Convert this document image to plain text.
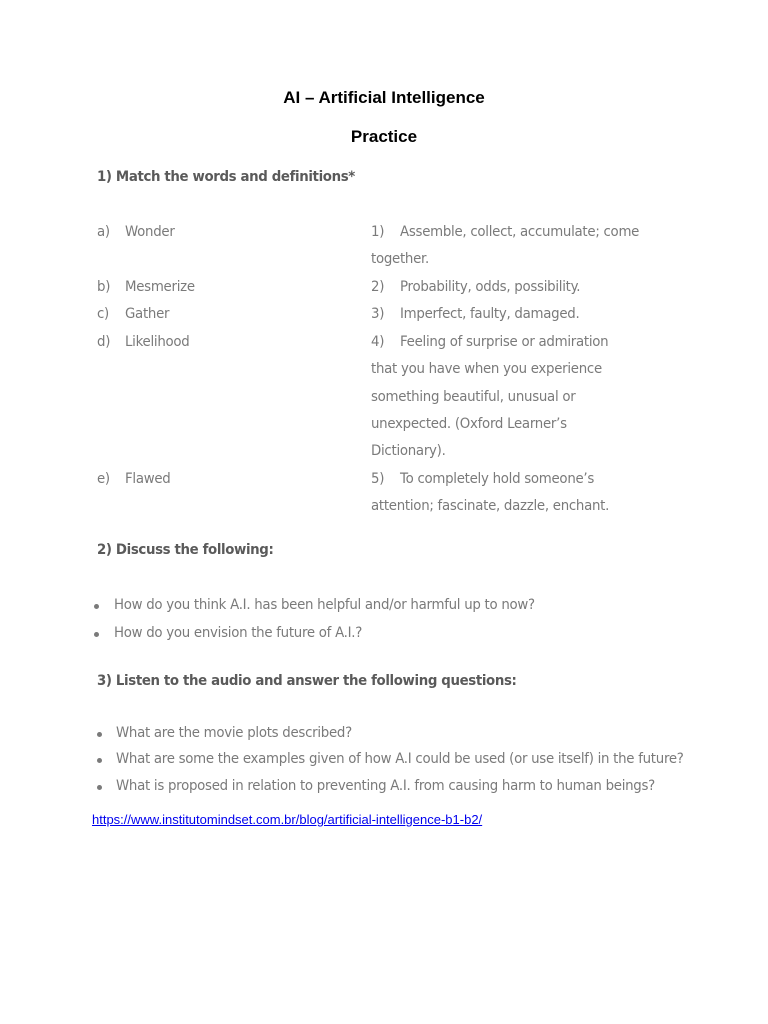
AI – Artificial Intelligence
Practice
1) Match the words and definitions*
a) Wonder
b) Mesmerize
c) Gather
d) Likelihood
e) Flawed
1) Assemble, collect, accumulate; come
together.
2) Probability, odds, possibility.
3) Imperfect, faulty, damaged.
4) Feeling of surprise or admiration
that you have when you experience
something beautiful, unusual or
unexpected. (Oxford Learner’s
Dictionary).
5) To completely hold someone’s
attention; fascinate, dazzle, enchant.
2) Discuss the following:
How do you think A.I. has been helpful and/or harmful up to now?
How do you envision the future of A.I.?
3) Listen to the audio and answer the following questions:
What are the movie plots described?
What are some the examples given of how A.I could be used (or use itself) in the future?
What is proposed in relation to preventing A.I. from causing harm to human beings?
https://www.institutomindset.com.br/blog/artificial-intelligence-b1-b2/
